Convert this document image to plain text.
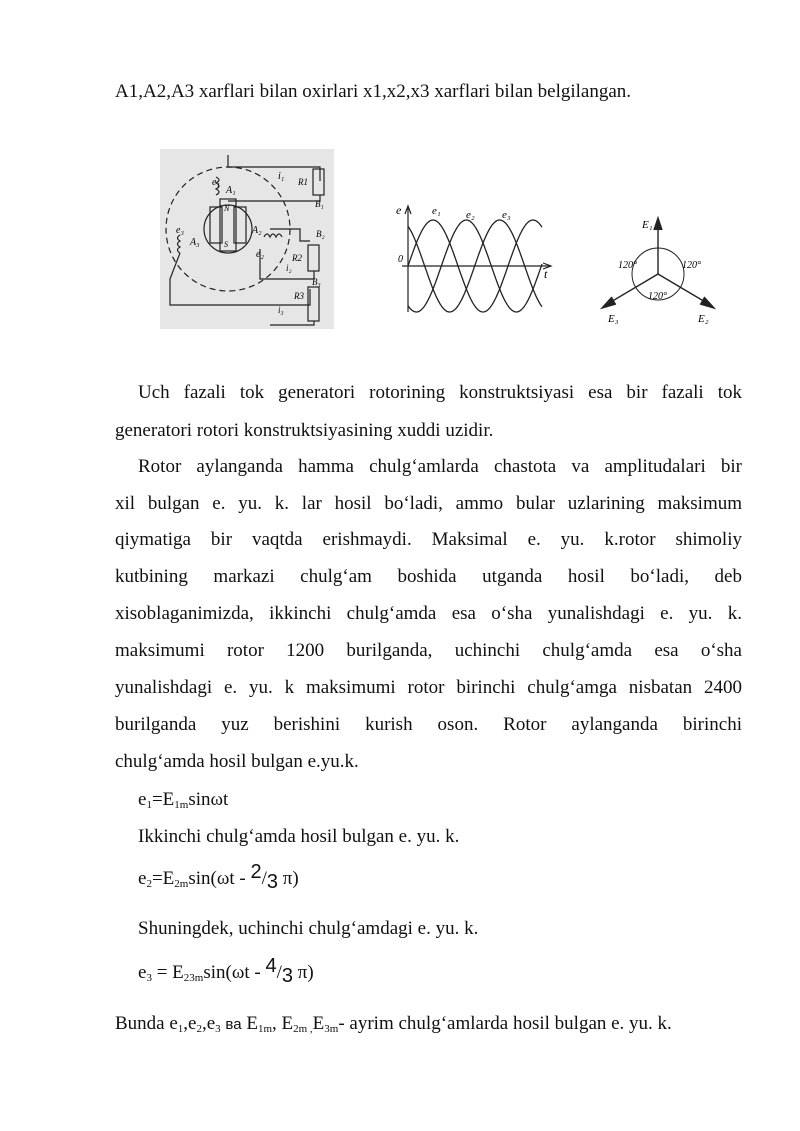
A1,A2,A3 xarflari bilan oxirlari x1,x2,x3 xarflari bilan belgilangan.
e₁
A₁
i₁ R1
B₁
e₃
A₃
A₂
e₂
B₂
R2
i₂
B₃
R3
i₃
N
S
e
t
0
e₁ e₂ e₃
E₁
E₂
E₃
120°	120°
120°
Uch fazali tok generatori rotorining konstruktsiyasi esa bir fazali tok
generatori rotori konstruktsiyasining xuddi uzidir.
Rotor aylanganda hamma chulg‘amlarda chastota va amplitudalari bir
xil bulgan e. yu. k. lar hosil bo‘ladi, ammo bular uzlarining maksimum
qiymatiga bir vaqtda erishmaydi. Maksimal e. yu. k.rotor shimoliy
kutbining markazi chulg‘am boshida utganda hosil bo‘ladi, deb
xisoblaganimizda, ikkinchi chulg‘amda esa o‘sha yunalishdagi e. yu. k.
maksimumi rotor 1200 burilganda, uchinchi chulg‘amda esa o‘sha
yunalishdagi e. yu. k maksimumi rotor birinchi chulg‘amga nisbatan 2400
burilganda yuz berishini kurish oson. Rotor aylanganda birinchi
chulg‘amda hosil bulgan e.yu.k.
$e_1=E_{1m}\sin\omega t$
Ikkinchi chulg‘amda hosil bulgan e. yu. k.
$e_2=E_{2m}\sin(\omega t - 2/3$ π)
Shuningdek, uchinchi chulg‘amdagi e. yu. k.
$e_3 = E_{23m}\sin(\omega t - 4/3$ π)
Bunda $e_1,e_2,e_3$ ва $E_{1m}$, $E_{2m ,}E_{3m}-$ ayrim chulg‘amlarda hosil bulgan e. yu. k.
